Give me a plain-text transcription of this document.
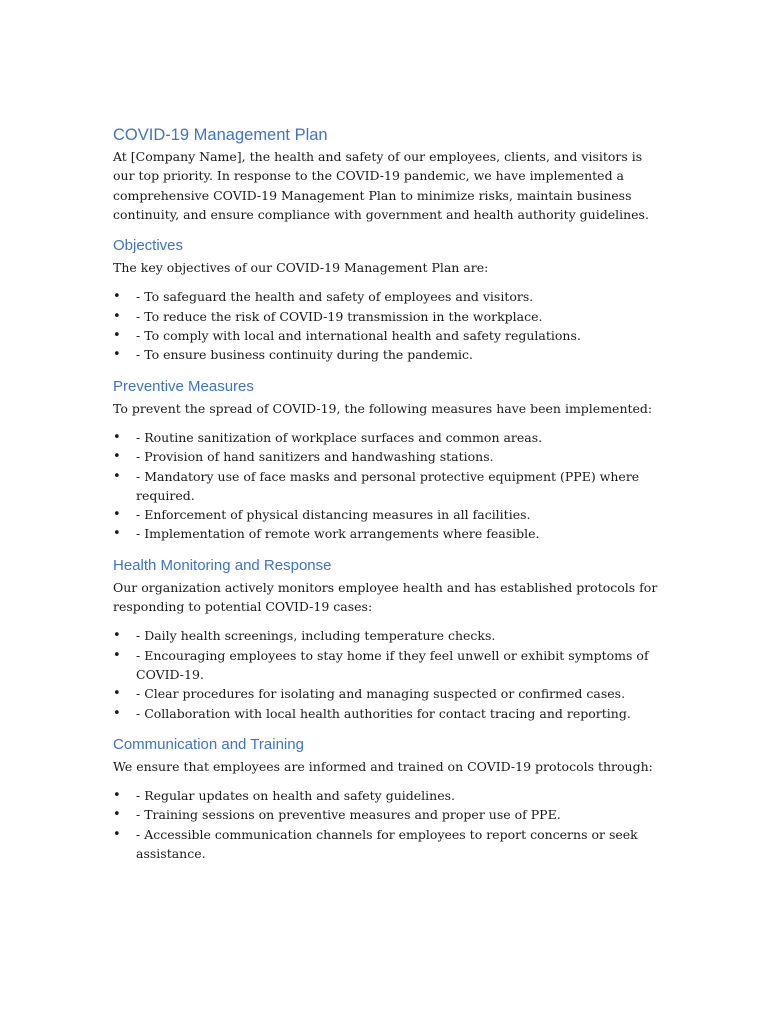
COVID-19 Management Plan

At [Company Name], the health and safety of our employees, clients, and visitors is our top priority. In response to the COVID-19 pandemic, we have implemented a comprehensive COVID-19 Management Plan to minimize risks, maintain business continuity, and ensure compliance with government and health authority guidelines.

Objectives

The key objectives of our COVID-19 Management Plan are:

• - To safeguard the health and safety of employees and visitors.
• - To reduce the risk of COVID-19 transmission in the workplace.
• - To comply with local and international health and safety regulations.
• - To ensure business continuity during the pandemic.
Preventive Measures

To prevent the spread of COVID-19, the following measures have been implemented:

• - Routine sanitization of workplace surfaces and common areas.
• - Provision of hand sanitizers and handwashing stations.
• - Mandatory use of face masks and personal protective equipment (PPE) where required.
• - Enforcement of physical distancing measures in all facilities.
• - Implementation of remote work arrangements where feasible.
Health Monitoring and Response

Our organization actively monitors employee health and has established protocols for responding to potential COVID-19 cases:

• - Daily health screenings, including temperature checks.
• - Encouraging employees to stay home if they feel unwell or exhibit symptoms of COVID-19.
• - Clear procedures for isolating and managing suspected or confirmed cases.
• - Collaboration with local health authorities for contact tracing and reporting.
Communication and Training

We ensure that employees are informed and trained on COVID-19 protocols through:

• - Regular updates on health and safety guidelines.
• - Training sessions on preventive measures and proper use of PPE.
• - Accessible communication channels for employees to report concerns or seek assistance.
